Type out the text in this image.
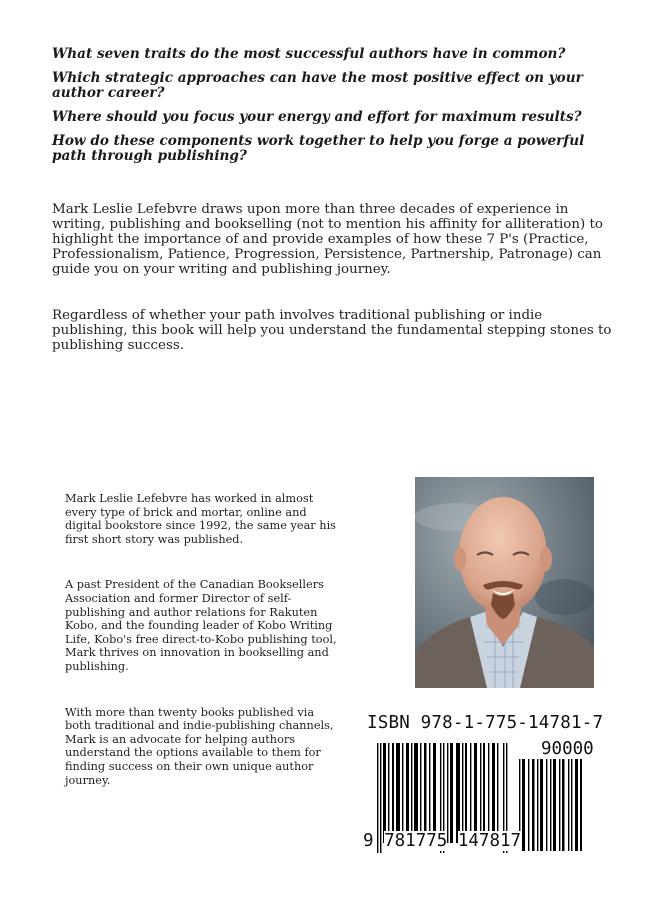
What seven traits do the most successful authors have in common?

Which strategic approaches can have the most positive effect on your author career?

Where should you focus your energy and effort for maximum results?

How do these components work together to help you forge a powerful path through publishing?

Mark Leslie Lefebvre draws upon more than three decades of experience in writing, publishing and bookselling (not to mention his affinity for alliteration) to highlight the importance of and provide examples of how these 7 P's (Practice, Professionalism, Patience, Progression, Persistence, Partnership, Patronage) can guide you on your writing and publishing journey.

Regardless of whether your path involves traditional publishing or indie publishing, this book will help you understand the fundamental stepping stones to publishing success.

Mark Leslie Lefebvre has worked in almost every type of brick and mortar, online and digital bookstore since 1992, the same year his first short story was published.

A past President of the Canadian Booksellers Association and former Director of self-publishing and author relations for Rakuten Kobo, and the founding leader of Kobo Writing Life, Kobo's free direct-to-Kobo publishing tool, Mark thrives on innovation in bookselling and publishing.

With more than twenty books published via both traditional and indie-publishing channels, Mark is an advocate for helping authors understand the options available to them for finding success on their own unique author journey.

ISBN 978-1-775-14781-7
90000
9 781775 147817
